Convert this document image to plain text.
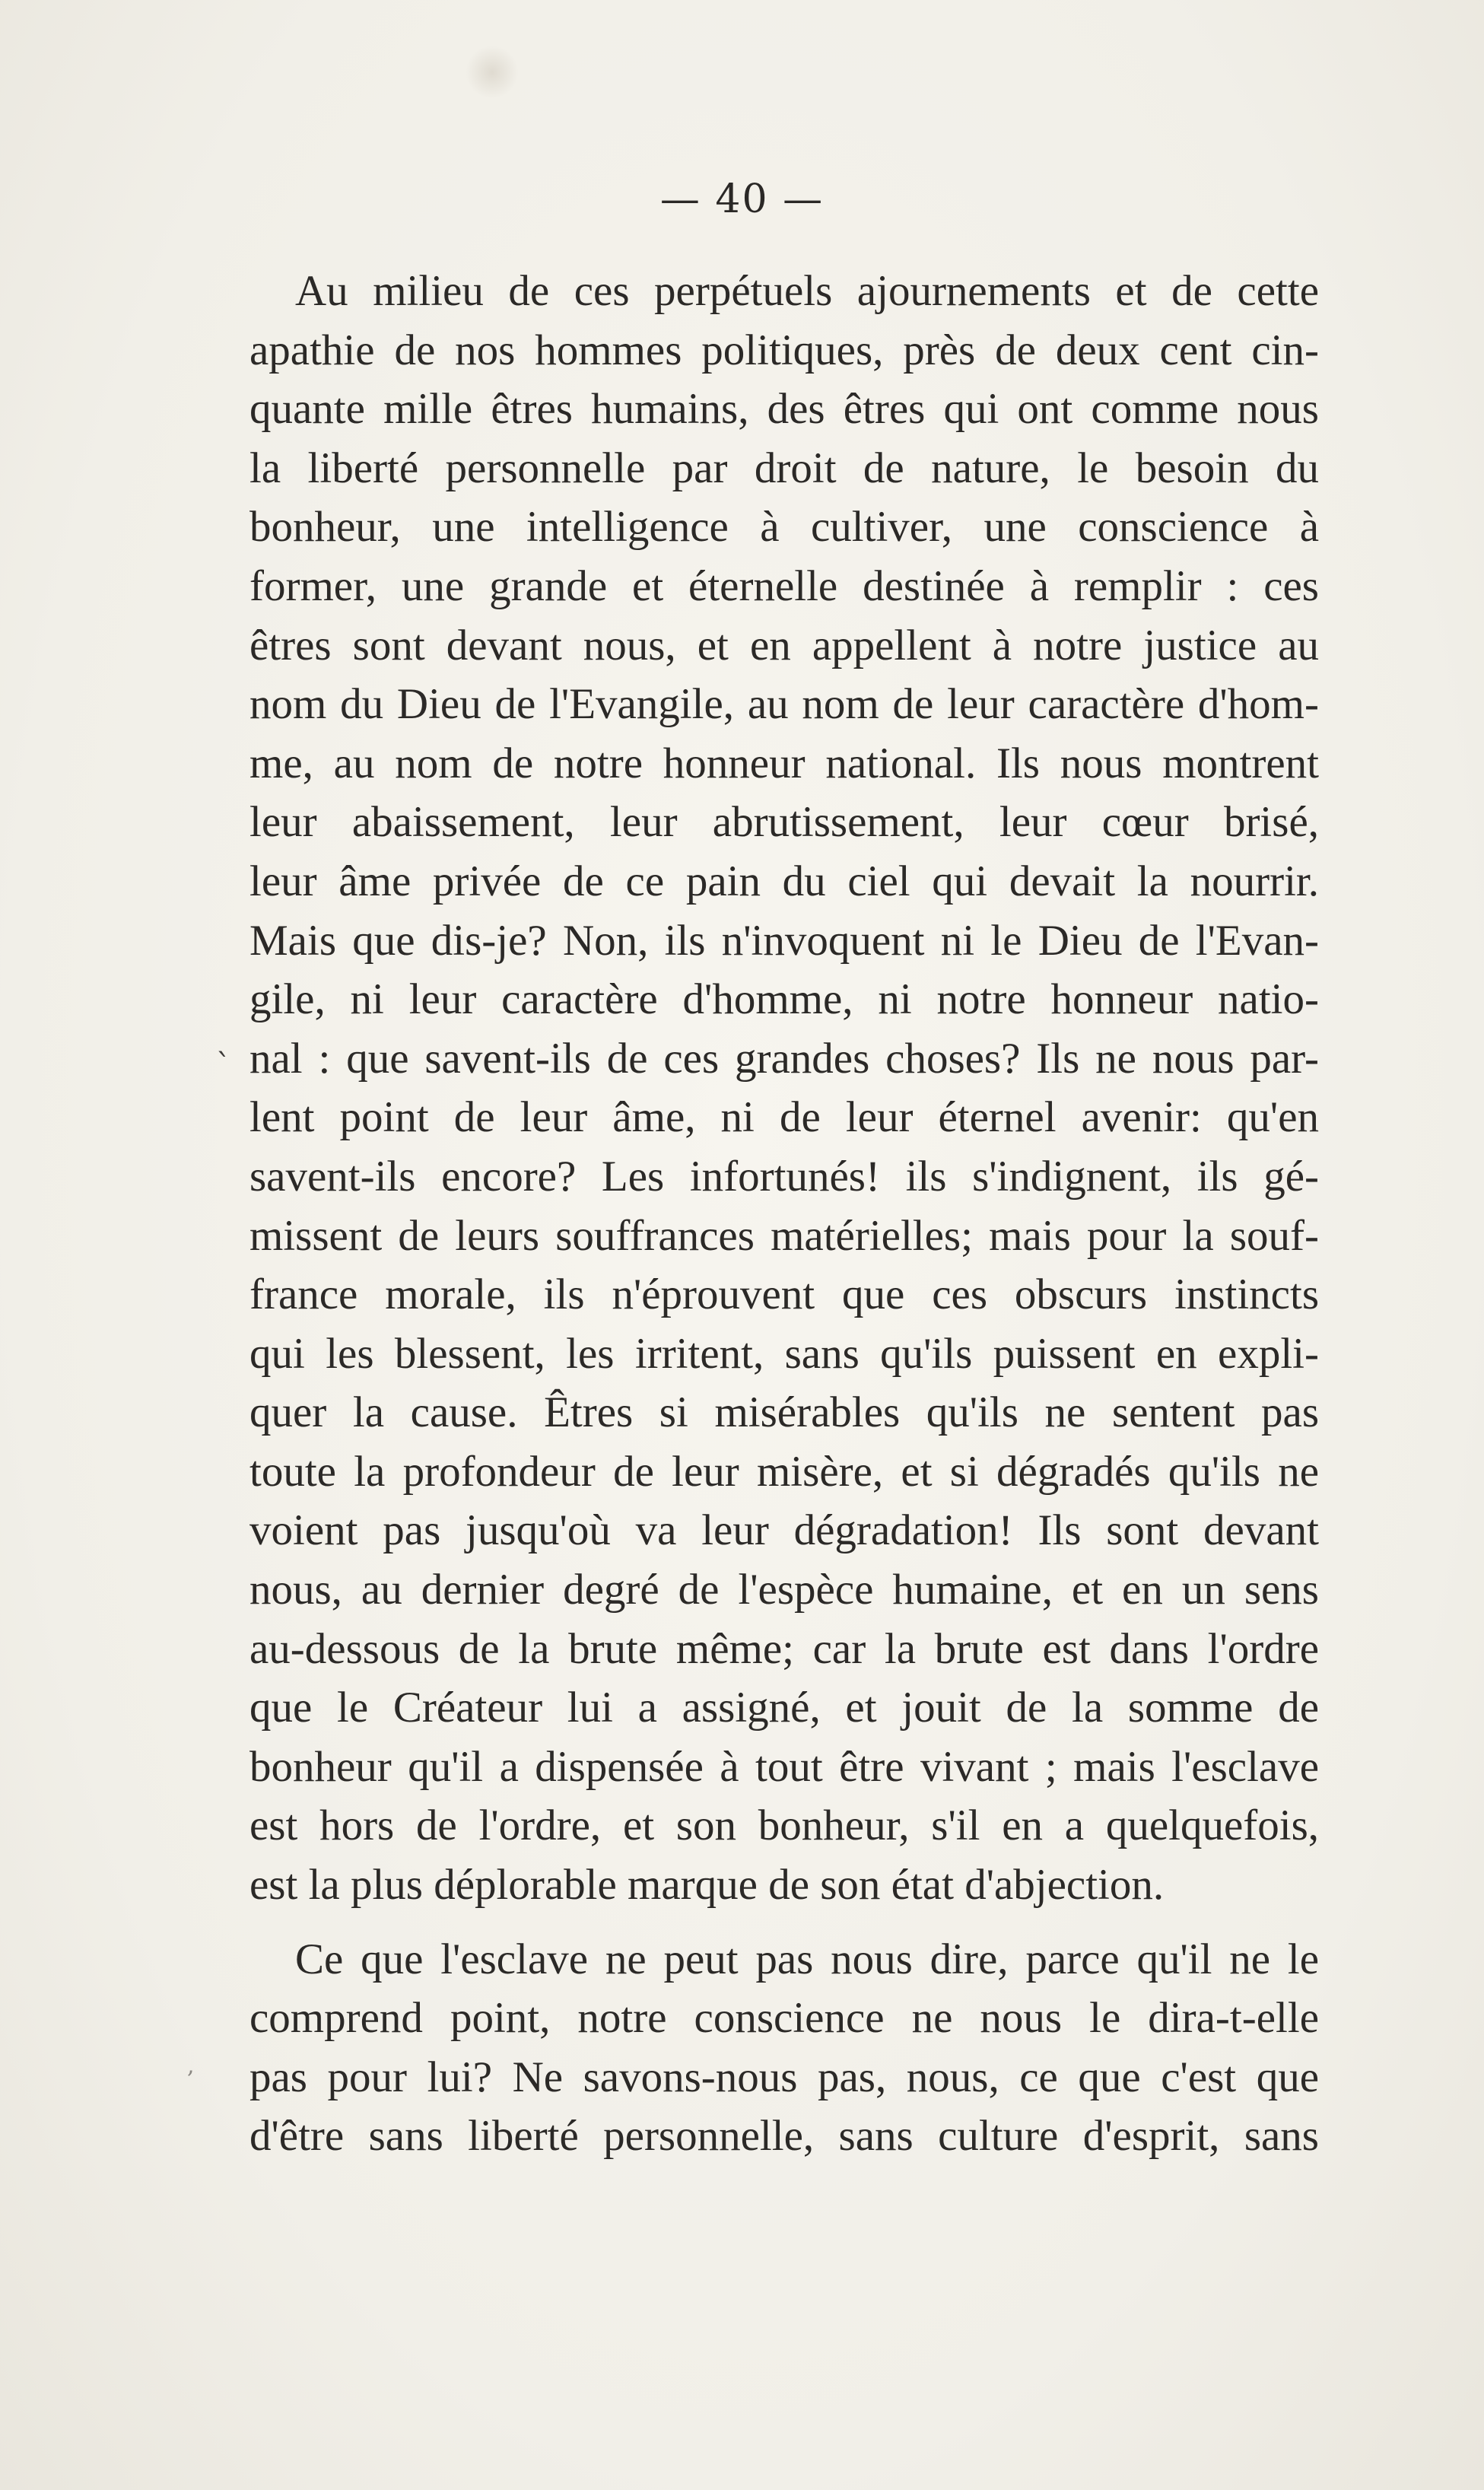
— 40 —
`
,
Au milieu de ces perpétuels ajournements et de cette
apathie de nos hommes politiques, près de deux cent cin-
quante mille êtres humains, des êtres qui ont comme nous
la liberté personnelle par droit de nature, le besoin du
bonheur, une intelligence à cultiver, une conscience à
former, une grande et éternelle destinée à remplir : ces
êtres sont devant nous, et en appellent à notre justice au
nom du Dieu de l'Evangile, au nom de leur caractère d'hom-
me, au nom de notre honneur national. Ils nous montrent
leur abaissement, leur abrutissement, leur cœur brisé,
leur âme privée de ce pain du ciel qui devait la nourrir.
Mais que dis-je? Non, ils n'invoquent ni le Dieu de l'Evan-
gile, ni leur caractère d'homme, ni notre honneur natio-
nal : que savent-ils de ces grandes choses? Ils ne nous par-
lent point de leur âme, ni de leur éternel avenir: qu'en
savent-ils encore? Les infortunés! ils s'indignent, ils gé-
missent de leurs souffrances matérielles; mais pour la souf-
france morale, ils n'éprouvent que ces obscurs instincts
qui les blessent, les irritent, sans qu'ils puissent en expli-
quer la cause. Êtres si misérables qu'ils ne sentent pas
toute la profondeur de leur misère, et si dégradés qu'ils ne
voient pas jusqu'où va leur dégradation! Ils sont devant
nous, au dernier degré de l'espèce humaine, et en un sens
au-dessous de la brute même; car la brute est dans l'ordre
que le Créateur lui a assigné, et jouit de la somme de
bonheur qu'il a dispensée à tout être vivant ; mais l'esclave
est hors de l'ordre, et son bonheur, s'il en a quelquefois,
est la plus déplorable marque de son état d'abjection.
Ce que l'esclave ne peut pas nous dire, parce qu'il ne le
comprend point, notre conscience ne nous le dira-t-elle
pas pour lui? Ne savons-nous pas, nous, ce que c'est que
d'être sans liberté personnelle, sans culture d'esprit, sans
